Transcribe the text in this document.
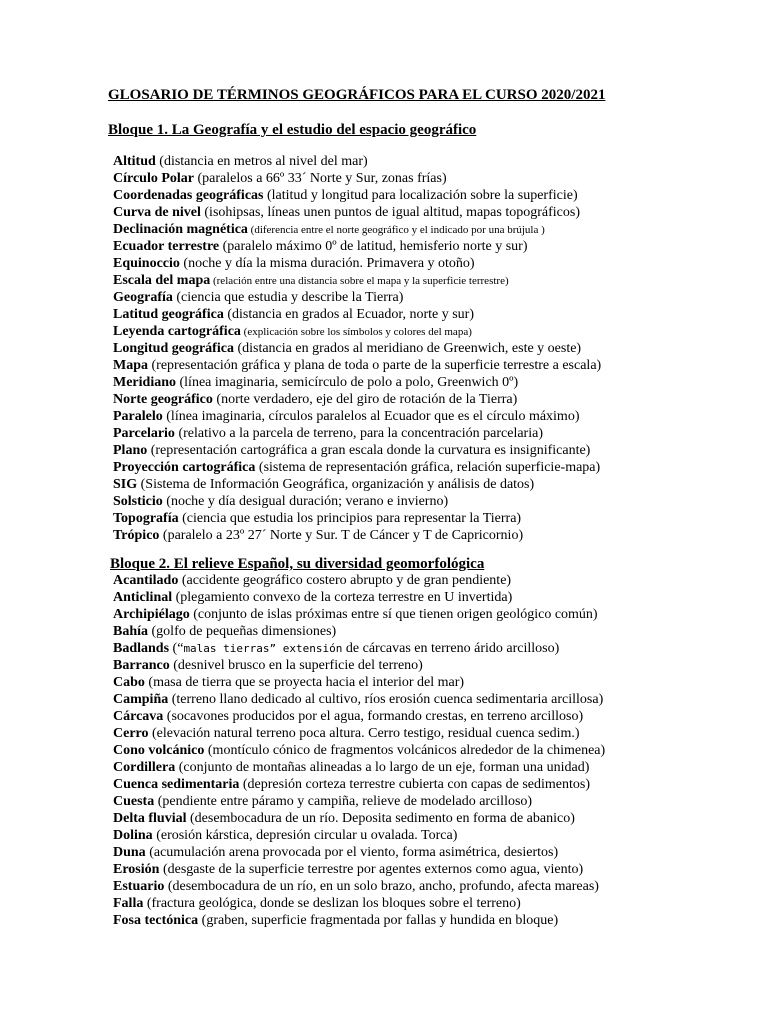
GLOSARIO DE TÉRMINOS GEOGRÁFICOS PARA EL CURSO 2020/2021
Bloque 1. La Geografía y el estudio del espacio geográfico
Altitud (distancia en metros al nivel del mar)
Círculo Polar (paralelos a 66º 33´ Norte y Sur, zonas frías)
Coordenadas geográficas (latitud y longitud para localización sobre la superficie)
Curva de nivel (isohipsas, líneas unen puntos de igual altitud, mapas topográficos)
Declinación magnética (diferencia entre el norte geográfico y el indicado por una brújula )
Ecuador terrestre (paralelo máximo 0º de latitud, hemisferio norte y sur)
Equinoccio (noche y día la misma duración. Primavera y otoño)
Escala del mapa (relación entre una distancia sobre el mapa y la superficie terrestre)
Geografía (ciencia que estudia y describe la Tierra)
Latitud geográfica (distancia en grados al Ecuador, norte y sur)
Leyenda cartográfica (explicación sobre los símbolos y colores del mapa)
Longitud geográfica (distancia en grados al meridiano de Greenwich, este y oeste)
Mapa (representación gráfica y plana de toda o parte de la superficie terrestre a escala)
Meridiano (línea imaginaria, semicírculo de polo a polo, Greenwich 0º)
Norte geográfico (norte verdadero, eje del giro de rotación de la Tierra)
Paralelo (línea imaginaria, círculos paralelos al Ecuador que es el círculo máximo)
Parcelario (relativo a la parcela de terreno, para la concentración parcelaria)
Plano (representación cartográfica a gran escala donde la curvatura es insignificante)
Proyección cartográfica (sistema de representación gráfica, relación superficie-mapa)
SIG (Sistema de Información Geográfica, organización y análisis de datos)
Solsticio (noche y día desigual duración; verano e invierno)
Topografía (ciencia que estudia los principios para representar la Tierra)
Trópico (paralelo a 23º 27´ Norte y Sur. T de Cáncer y T de Capricornio)
Bloque 2. El relieve Español, su diversidad geomorfológica
Acantilado (accidente geográfico costero abrupto y de gran pendiente)
Anticlinal (plegamiento convexo de la corteza terrestre en U invertida)
Archipiélago (conjunto de islas próximas entre sí que tienen origen geológico común)
Bahía (golfo de pequeñas dimensiones)
Badlands (“malas tierras” extensión de cárcavas en terreno árido arcilloso)
Barranco (desnivel brusco en la superficie del terreno)
Cabo (masa de tierra que se proyecta hacia el interior del mar)
Campiña (terreno llano dedicado al cultivo, ríos erosión cuenca sedimentaria arcillosa)
Cárcava (socavones producidos por el agua, formando crestas, en terreno arcilloso)
Cerro (elevación natural terreno poca altura. Cerro testigo, residual cuenca sedim.)
Cono volcánico (montículo cónico de fragmentos volcánicos alrededor de la chimenea)
Cordillera (conjunto de montañas alineadas a lo largo de un eje, forman una unidad)
Cuenca sedimentaria (depresión corteza terrestre cubierta con capas de sedimentos)
Cuesta (pendiente entre páramo y campiña, relieve de modelado arcilloso)
Delta fluvial (desembocadura de un río. Deposita sedimento en forma de abanico)
Dolina (erosión kárstica, depresión circular u ovalada. Torca)
Duna (acumulación arena provocada por el viento, forma asimétrica, desiertos)
Erosión (desgaste de la superficie terrestre por agentes externos como agua, viento)
Estuario (desembocadura de un río, en un solo brazo, ancho, profundo, afecta mareas)
Falla (fractura geológica, donde se deslizan los bloques sobre el terreno)
Fosa tectónica (graben, superficie fragmentada por fallas y hundida en bloque)
